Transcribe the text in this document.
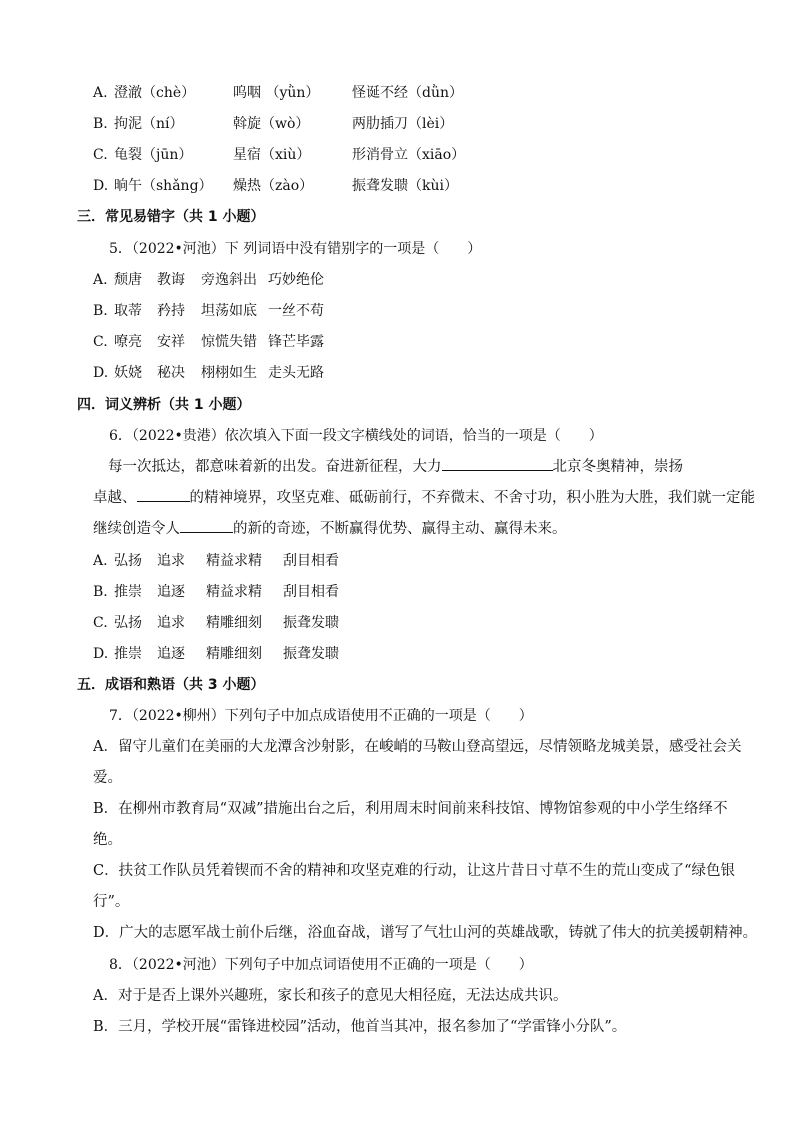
A. 澄澈（chè）	呜咽 （yǜn） 怪诞不经（dǜn）
B. 拘泥（ní）	斡旋（wò）	两肋插刀（lèi）
C. 龟裂（jūn）	星宿（xiù）	形消骨立（xiāo）
D. 晌午（shǎng） 燥热（zào）	振聋发聩（kùi）
三．常见易错字（共 1 小题）
5．（2022•河池）下 列词语中没有错别字的一项是（　　）
A. 颓唐 教诲 旁逸斜出 巧妙绝伦
B. 取蒂 矜持 坦荡如底 一丝不苟
C. 嘹亮 安祥 惊慌失错 锋芒毕露
D. 妖娆 秘决 栩栩如生 走头无路
四．词义辨析（共 1 小题）
6．（2022•贵港）依次填入下面一段文字横线处的词语，恰当的一项是（　　）
每一次抵达，都意味着新的出发。奋进新征程，大力	北京冬奥精神，崇扬
卓越、	的精神境界，攻坚克难、砥砺前行，不弃微末、不舍寸功，积小胜为大胜，我们就一定能
继续创造令人	的新的奇迹，不断赢得优势、赢得主动、赢得未来。
A. 弘扬 追求 精益求精 刮目相看
B. 推崇 追逐 精益求精 刮目相看
C. 弘扬 追求 精雕细刻 振聋发聩
D. 推崇 追逐 精雕细刻 振聋发聩
五．成语和熟语（共 3 小题）
7．（2022•柳州）下列句子中加点成语使用不正确的一项是（　　）
A．留守儿童们在美丽的大龙潭含沙射影，在峻峭的马鞍山登高望远，尽情领略龙城美景，感受社会关
爱。
B．在柳州市教育局“双减”措施出台之后，利用周末时间前来科技馆、博物馆参观的中小学生络绎不
绝。
C．扶贫工作队员凭着锲而不舍的精神和攻坚克难的行动，让这片昔日寸草不生的荒山变成了“绿色银
行”。
D．广大的志愿军战士前仆后继，浴血奋战，谱写了气壮山河的英雄战歌，铸就了伟大的抗美援朝精神。
8．（2022•河池）下列句子中加点词语使用不正确的一项是（　　）
A．对于是否上课外兴趣班，家长和孩子的意见大相径庭，无法达成共识。
B．三月，学校开展“雷锋进校园”活动，他首当其冲，报名参加了“学雷锋小分队”。
